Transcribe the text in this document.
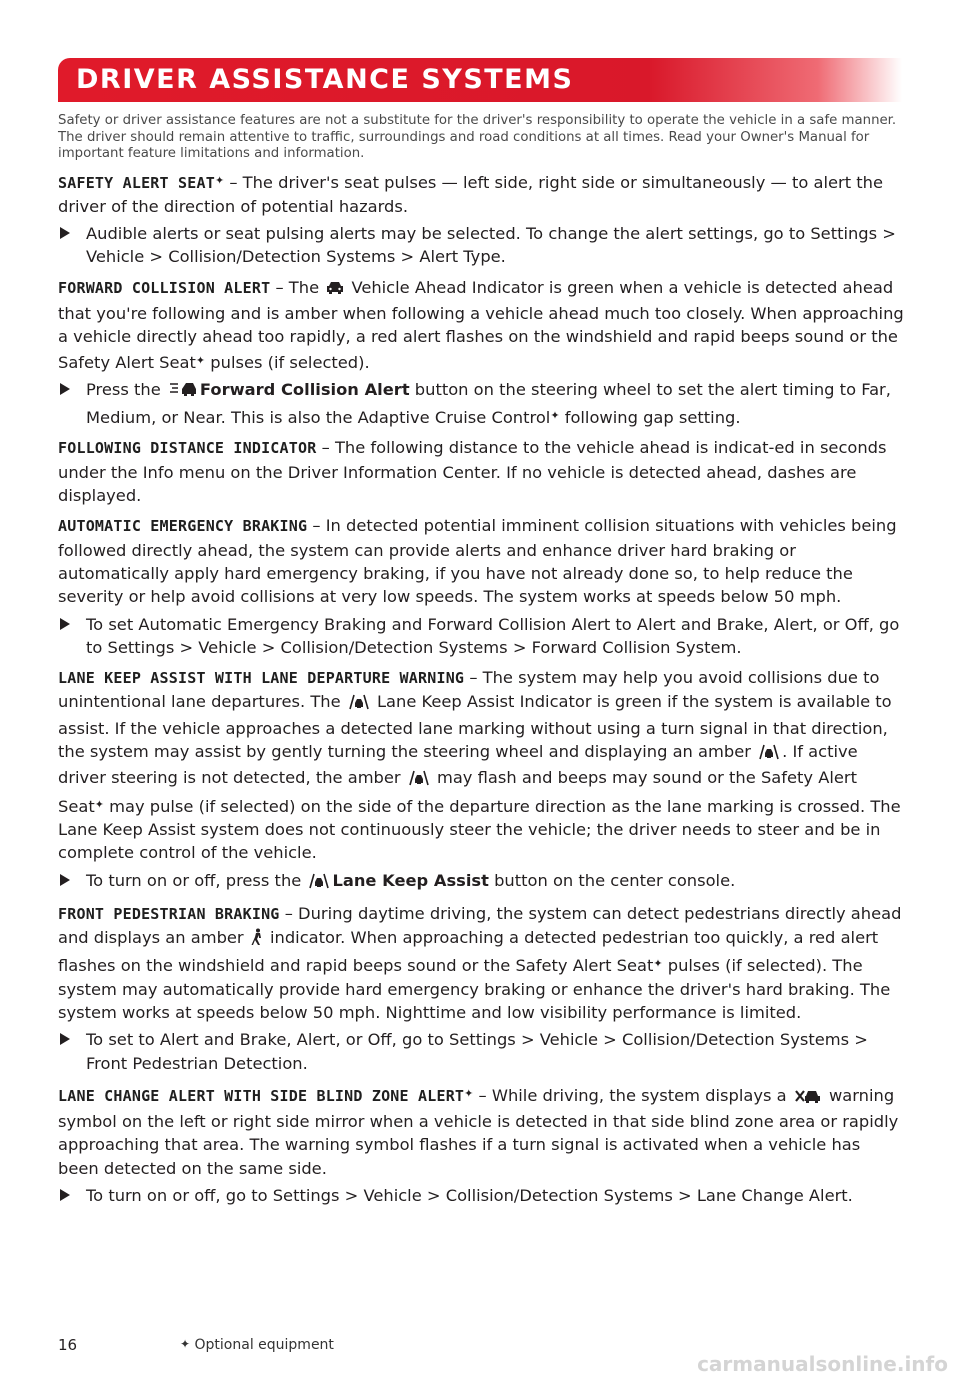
DRIVER ASSISTANCE SYSTEMS

Safety or driver assistance features are not a substitute for the driver's responsibility to operate the vehicle in a safe manner. The driver should remain attentive to traffic, surroundings and road conditions at all times. Read your Owner's Manual for important feature limitations and information.

SAFETY ALERT SEAT✦ – The driver's seat pulses — left side, right side or simultaneously — to alert the driver of the direction of potential hazards.

Audible alerts or seat pulsing alerts may be selected. To change the alert settings, go to Settings > Vehicle > Collision/Detection Systems > Alert Type.

FORWARD COLLISION ALERT – The  Vehicle Ahead Indicator is green when a vehicle is detected ahead that you're following and is amber when following a vehicle ahead much too closely. When approaching a vehicle directly ahead too rapidly, a red alert flashes on the windshield and rapid beeps sound or the Safety Alert Seat✦ pulses (if selected).

Press the Forward Collision Alert button on the steering wheel to set the alert timing to Far, Medium, or Near. This is also the Adaptive Cruise Control✦ following gap setting.

FOLLOWING DISTANCE INDICATOR – The following distance to the vehicle ahead is indicat-ed in seconds under the Info menu on the Driver Information Center. If no vehicle is detected ahead, dashes are displayed.

AUTOMATIC EMERGENCY BRAKING – In detected potential imminent collision situations with vehicles being followed directly ahead, the system can provide alerts and enhance driver hard braking or automatically apply hard emergency braking, if you have not already done so, to help reduce the severity or help avoid collisions at very low speeds. The system works at speeds below 50 mph.

To set Automatic Emergency Braking and Forward Collision Alert to Alert and Brake, Alert, or Off, go to Settings > Vehicle > Collision/Detection Systems > Forward Collision System.

LANE KEEP ASSIST WITH LANE DEPARTURE WARNING – The system may help you avoid collisions due to unintentional lane departures. The  Lane Keep Assist Indicator is green if the system is available to assist. If the vehicle approaches a detected lane marking without using a turn signal in that direction, the system may assist by gently turning the steering wheel and displaying an amber . If active driver steering is not detected, the amber  may flash and beeps may sound or the Safety Alert Seat✦ may pulse (if selected) on the side of the departure direction as the lane marking is crossed. The Lane Keep Assist system does not continuously steer the vehicle; the driver needs to steer and be in complete control of the vehicle.

To turn on or off, press the Lane Keep Assist button on the center console.

FRONT PEDESTRIAN BRAKING – During daytime driving, the system can detect pedestrians directly ahead and displays an amber  indicator. When approaching a detected pedestrian too quickly, a red alert flashes on the windshield and rapid beeps sound or the Safety Alert Seat✦ pulses (if selected). The system may automatically provide hard emergency braking or enhance the driver's hard braking. The system works at speeds below 50 mph. Nighttime and low visibility performance is limited.

To set to Alert and Brake, Alert, or Off, go to Settings > Vehicle > Collision/Detection Systems > Front Pedestrian Detection.

LANE CHANGE ALERT WITH SIDE BLIND ZONE ALERT✦ – While driving, the system displays a  warning symbol on the left or right side mirror when a vehicle is detected in that side blind zone area or rapidly approaching that area. The warning symbol flashes if a turn signal is activated when a vehicle has been detected on the same side.

To turn on or off, go to Settings > Vehicle > Collision/Detection Systems > Lane Change Alert.
16	✦ Optional equipment
carmanualsonline.info
